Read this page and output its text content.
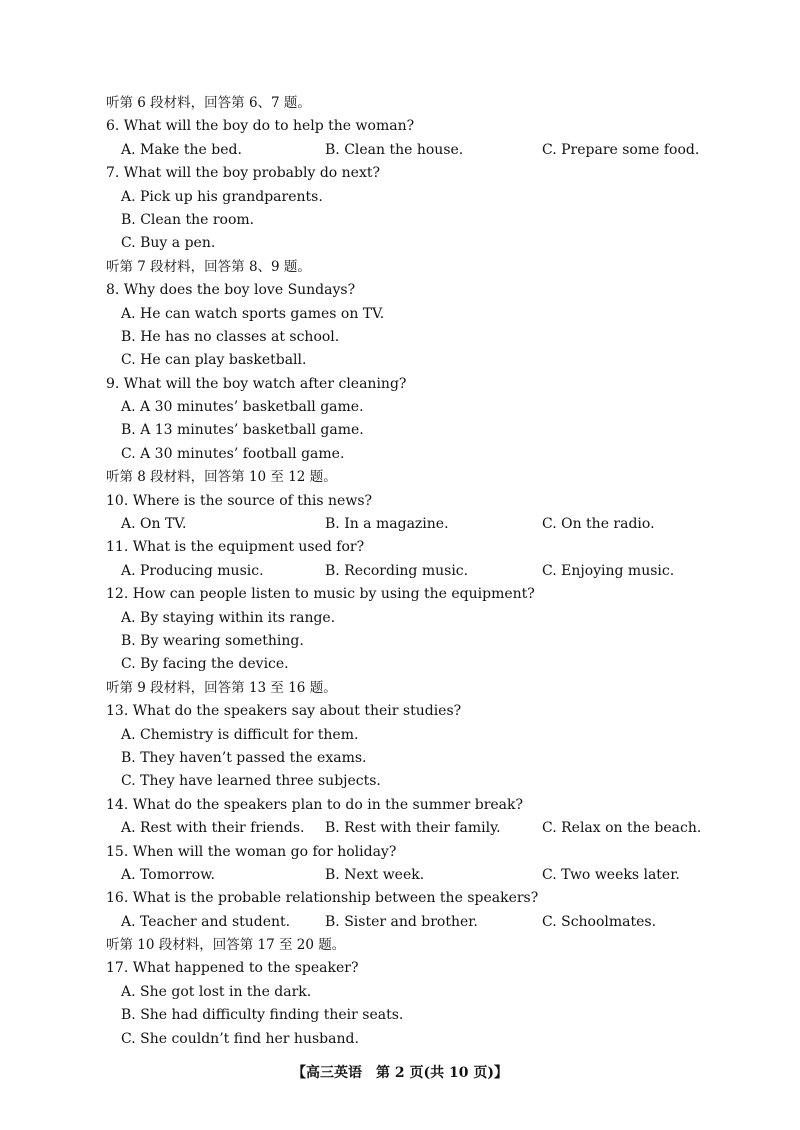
听第 6 段材料，回答第 6、7 题。
6. What will the boy do to help the woman?
A. Make the bed.	B. Clean the house.	C. Prepare some food.
7. What will the boy probably do next?
A. Pick up his grandparents.
B. Clean the room.
C. Buy a pen.
听第 7 段材料，回答第 8、9 题。
8. Why does the boy love Sundays?
A. He can watch sports games on TV.
B. He has no classes at school.
C. He can play basketball.
9. What will the boy watch after cleaning?
A. A 30 minutes’ basketball game.
B. A 13 minutes’ basketball game.
C. A 30 minutes’ football game.
听第 8 段材料，回答第 10 至 12 题。
10. Where is the source of this news?
A. On TV.	B. In a magazine.	C. On the radio.
11. What is the equipment used for?
A. Producing music.	B. Recording music.	C. Enjoying music.
12. How can people listen to music by using the equipment?
A. By staying within its range.
B. By wearing something.
C. By facing the device.
听第 9 段材料，回答第 13 至 16 题。
13. What do the speakers say about their studies?
A. Chemistry is difficult for them.
B. They haven’t passed the exams.
C. They have learned three subjects.
14. What do the speakers plan to do in the summer break?
A. Rest with their friends. B. Rest with their family.	C. Relax on the beach.
15. When will the woman go for holiday?
A. Tomorrow.	B. Next week.	C. Two weeks later.
16. What is the probable relationship between the speakers?
A. Teacher and student. B. Sister and brother.	C. Schoolmates.
听第 10 段材料，回答第 17 至 20 题。
17. What happened to the speaker?
A. She got lost in the dark.
B. She had difficulty finding their seats.
C. She couldn’t find her husband.
【高三英语　第 2 页(共 10 页)】
